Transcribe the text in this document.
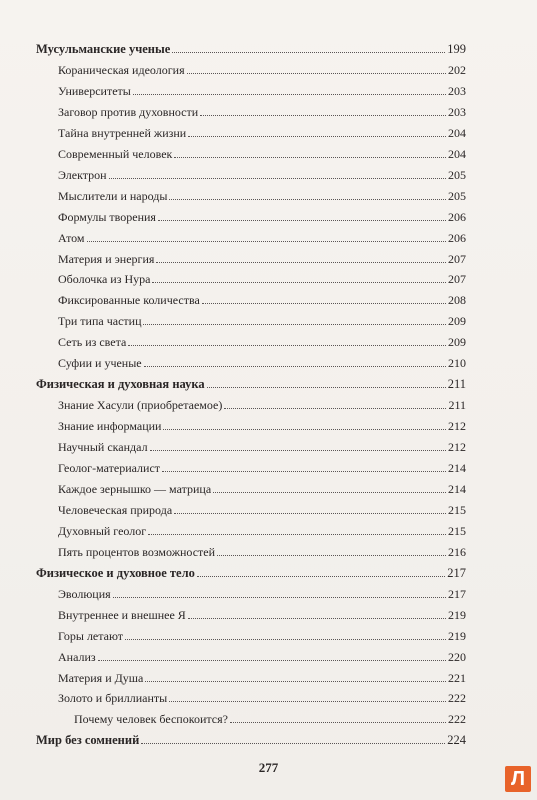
Мусульманские ученые	199
Кораническая идеология	202
Университеты	203
Заговор против духовности	203
Тайна внутренней жизни	204
Современный человек	204
Электрон	205
Мыслители и народы	205
Формулы творения	206
Атом	206
Материя и энергия	207
Оболочка из Нура	207
Фиксированные количества	208
Три типа частиц	209
Сеть из света	209
Суфии и ученые	210
Физическая и духовная наука	211
Знание Хасули (приобретаемое)	211
Знание информации	212
Научный скандал	212
Геолог-материалист	214
Каждое зернышко — матрица	214
Человеческая природа	215
Духовный геолог	215
Пять процентов возможностей	216
Физическое и духовное тело	217
Эволюция	217
Внутреннее и внешнее Я	219
Горы летают	219
Анализ	220
Материя и Душа	221
Золото и бриллианты	222
Почему человек беспокоится?	222
Мир без сомнений	224
277	Л
